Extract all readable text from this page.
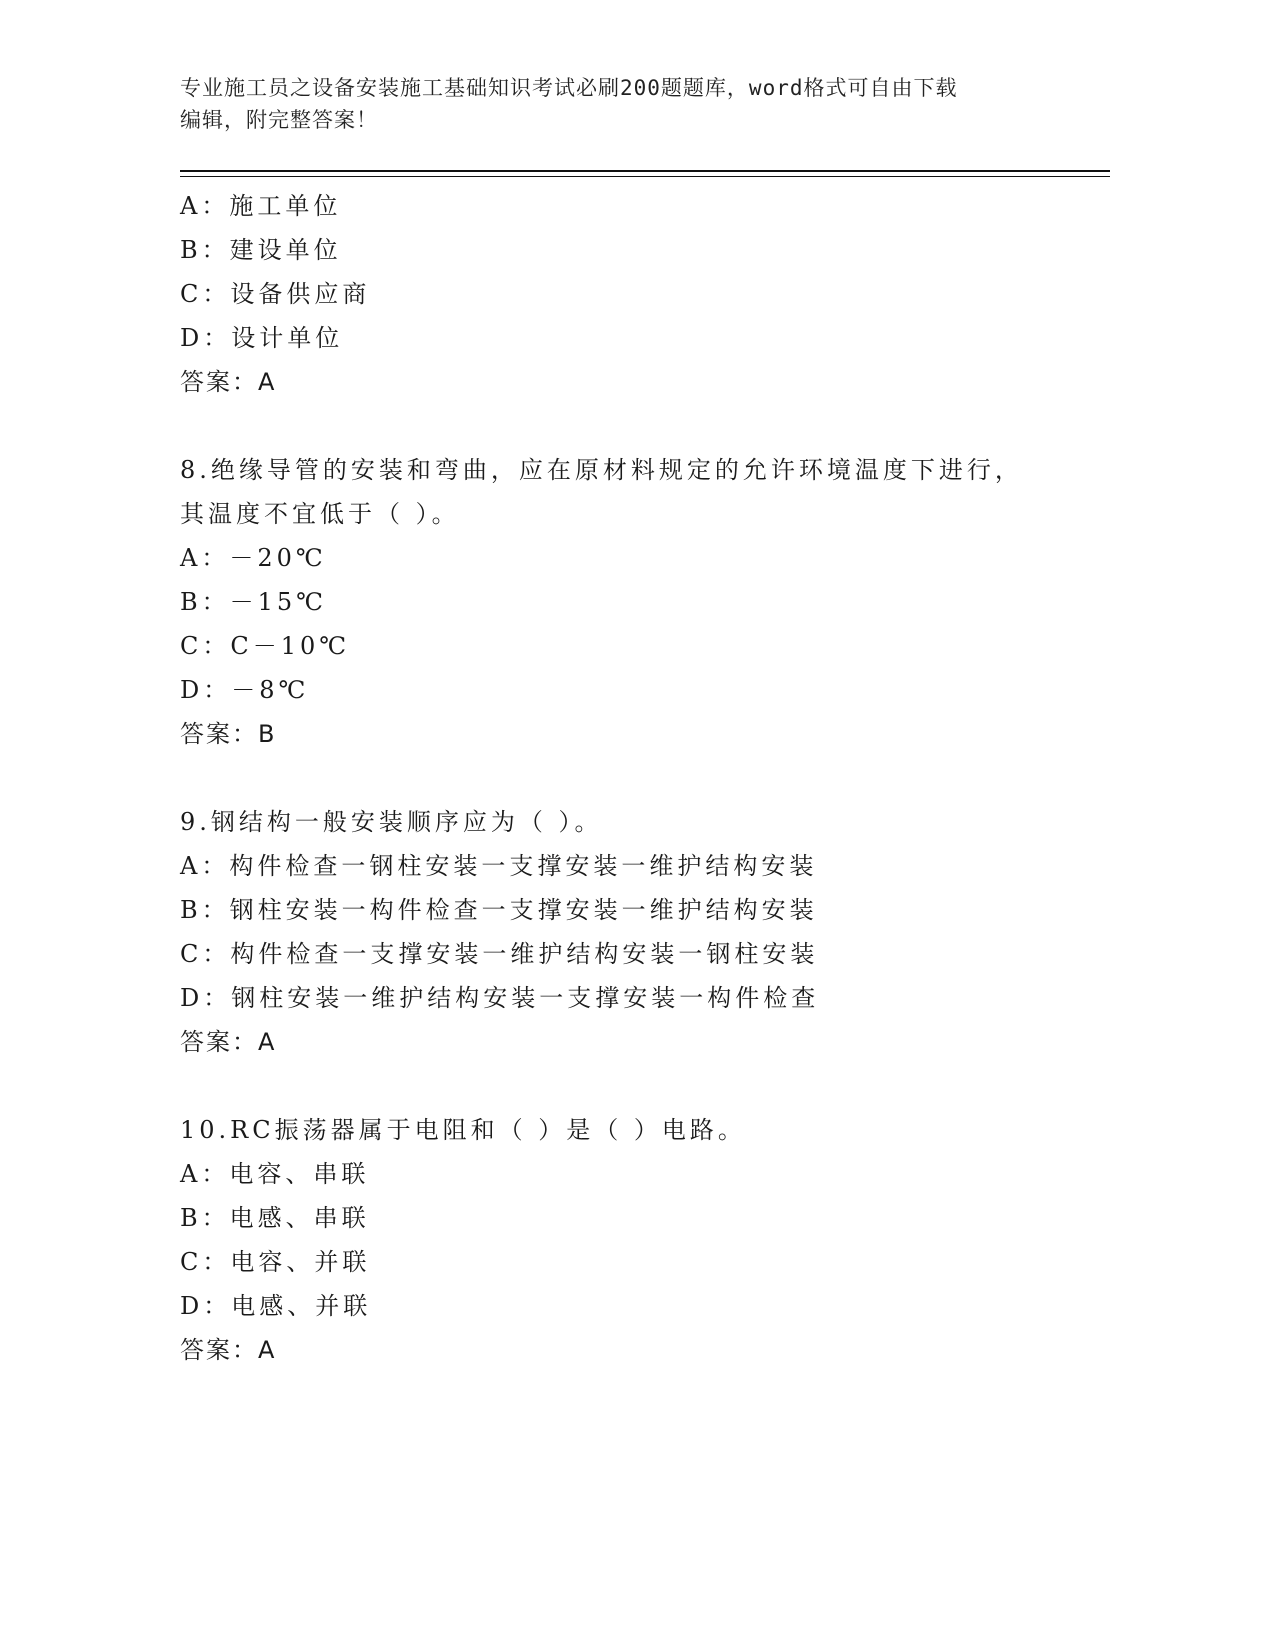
专业施工员之设备安装施工基础知识考试必刷200题题库，word格式可自由下载
编辑，附完整答案！
A：施工单位
B：建设单位
C：设备供应商
D：设计单位
答案：A
8.绝缘导管的安装和弯曲，应在原材料规定的允许环境温度下进行，
其温度不宜低于（ ）。
A：－20℃
B：－15℃
C：C－10℃
D：－8℃
答案：B
9.钢结构一般安装顺序应为（ ）。
A：构件检查一钢柱安装一支撑安装一维护结构安装
B：钢柱安装一构件检查一支撑安装一维护结构安装
C：构件检查一支撑安装一维护结构安装一钢柱安装
D：钢柱安装一维护结构安装一支撑安装一构件检查
答案：A
10.RC振荡器属于电阻和（ ）是（ ）电路。
A：电容、串联
B：电感、串联
C：电容、并联
D：电感、并联
答案：A
